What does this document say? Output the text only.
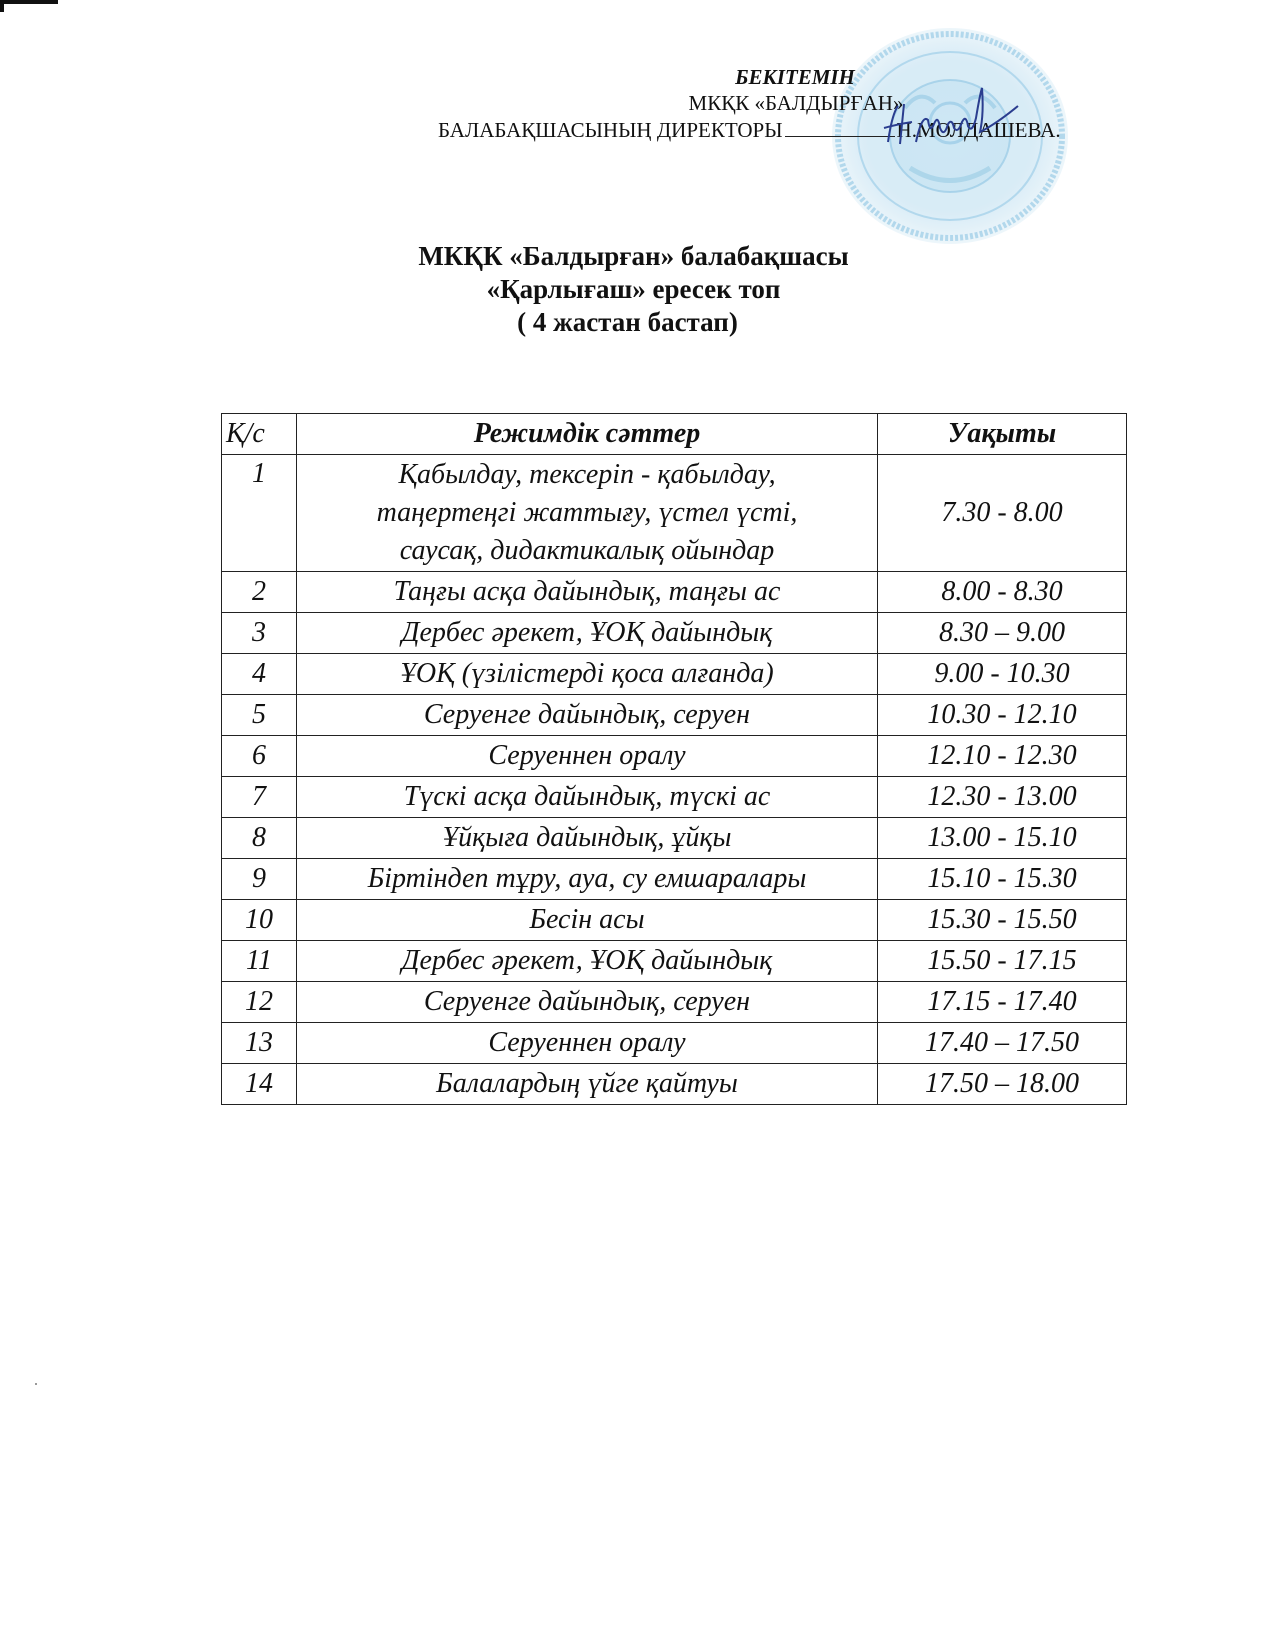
БЕКІТЕМІН
МКҚК «БАЛДЫРҒАН»
БАЛАБАҚШАСЫНЫҢ ДИРЕКТОРЫ	Н.МОЛДАШЕВА.
МКҚК «Балдырған» балабақшасы
«Қарлығаш» ересек топ
( 4 жастан бастап)
Қ/с	Режимдік сәттер	Уақыты
1	Қабылдау, тексеріп - қабылдау,
таңертеңгі жаттығу, үстел үсті,
саусақ, дидактикалық ойындар	7.30 - 8.00
2	Таңғы асқа дайындық, таңғы ас	8.00 - 8.30
3	Дербес әрекет, ҰОҚ дайындық	8.30 – 9.00
4	ҰОҚ (үзілістерді қоса алғанда)	9.00 - 10.30
5	Серуенге дайындық, серуен	10.30 - 12.10
6	Серуеннен оралу	12.10 - 12.30
7	Түскі асқа дайындық, түскі ас	12.30 - 13.00
8	Ұйқыға дайындық, ұйқы	13.00 - 15.10
9	Біртіндеп тұру, ауа, су емшаралары	15.10 - 15.30
10	Бесін асы	15.30 - 15.50
11	Дербес әрекет, ҰОҚ дайындық	15.50 - 17.15
12	Серуенге дайындық, серуен	17.15 - 17.40
13	Серуеннен оралу	17.40 – 17.50
14	Балалардың үйге қайтуы	17.50 – 18.00
